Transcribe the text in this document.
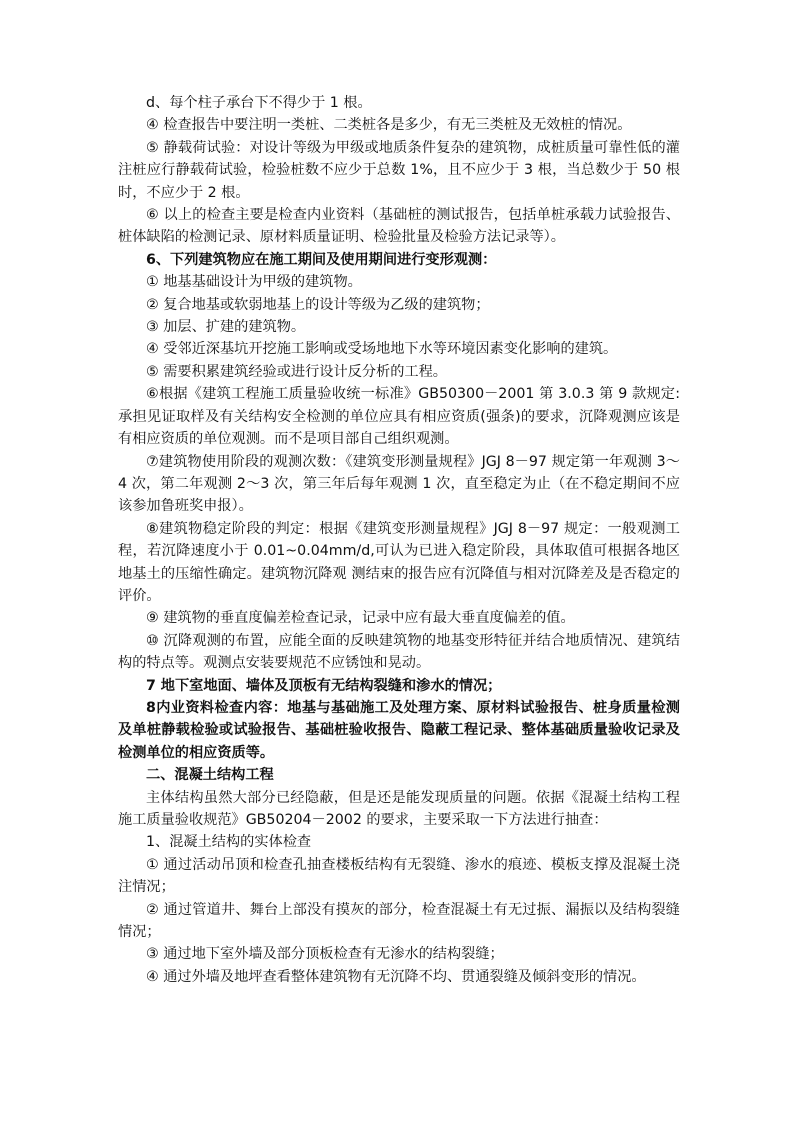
d、每个柱子承台下不得少于 1 根。

④ 检查报告中要注明一类桩、二类桩各是多少，有无三类桩及无效桩的情况。

⑤ 静载荷试验：对设计等级为甲级或地质条件复杂的建筑物，成桩质量可靠性低的灌注桩应行静载荷试验，检验桩数不应少于总数 1%，且不应少于 3 根，当总数少于 50 根时，不应少于 2 根。

⑥ 以上的检查主要是检查内业资料（基础桩的测试报告，包括单桩承载力试验报告、桩体缺陷的检测记录、原材料质量证明、检验批量及检验方法记录等）。

6、下列建筑物应在施工期间及使用期间进行变形观测：

① 地基基础设计为甲级的建筑物。

② 复合地基或软弱地基上的设计等级为乙级的建筑物；

③ 加层、扩建的建筑物。

④ 受邻近深基坑开挖施工影响或受场地地下水等环境因素变化影响的建筑。

⑤ 需要积累建筑经验或进行设计反分析的工程。

⑥根据《建筑工程施工质量验收统一标准》GB50300－2001 第 3.0.3 第 9 款规定:承担见证取样及有关结构安全检测的单位应具有相应资质(强条)的要求，沉降观测应该是有相应资质的单位观测。而不是项目部自己组织观测。

⑦建筑物使用阶段的观测次数：《建筑变形测量规程》JGJ 8－97 规定第一年观测 3～4 次，第二年观测 2～3 次，第三年后每年观测 1 次，直至稳定为止（在不稳定期间不应该参加鲁班奖申报）。

⑧建筑物稳定阶段的判定：根据《建筑变形测量规程》JGJ 8－97 规定：一般观测工程，若沉降速度小于 0.01~0.04mm/d,可认为已进入稳定阶段，具体取值可根据各地区地基土的压缩性确定。建筑物沉降观 测结束的报告应有沉降值与相对沉降差及是否稳定的评价。

⑨ 建筑物的垂直度偏差检查记录，记录中应有最大垂直度偏差的值。

⑩ 沉降观测的布置，应能全面的反映建筑物的地基变形特征并结合地质情况、建筑结构的特点等。观测点安装要规范不应锈蚀和晃动。

7 地下室地面、墙体及顶板有无结构裂缝和渗水的情况；

8内业资料检查内容：地基与基础施工及处理方案、原材料试验报告、桩身质量检测及单桩静载检验或试验报告、基础桩验收报告、隐蔽工程记录、整体基础质量验收记录及检测单位的相应资质等。

二、混凝土结构工程

主体结构虽然大部分已经隐蔽，但是还是能发现质量的问题。依据《混凝土结构工程施工质量验收规范》GB50204－2002 的要求，主要采取一下方法进行抽查：

1、混凝土结构的实体检查

① 通过活动吊顶和检查孔抽查楼板结构有无裂缝、渗水的痕迹、模板支撑及混凝土浇注情况；

② 通过管道井、舞台上部没有摸灰的部分，检查混凝土有无过振、漏振以及结构裂缝情况；

③ 通过地下室外墙及部分顶板检查有无渗水的结构裂缝；

④ 通过外墙及地坪查看整体建筑物有无沉降不均、贯通裂缝及倾斜变形的情况。
